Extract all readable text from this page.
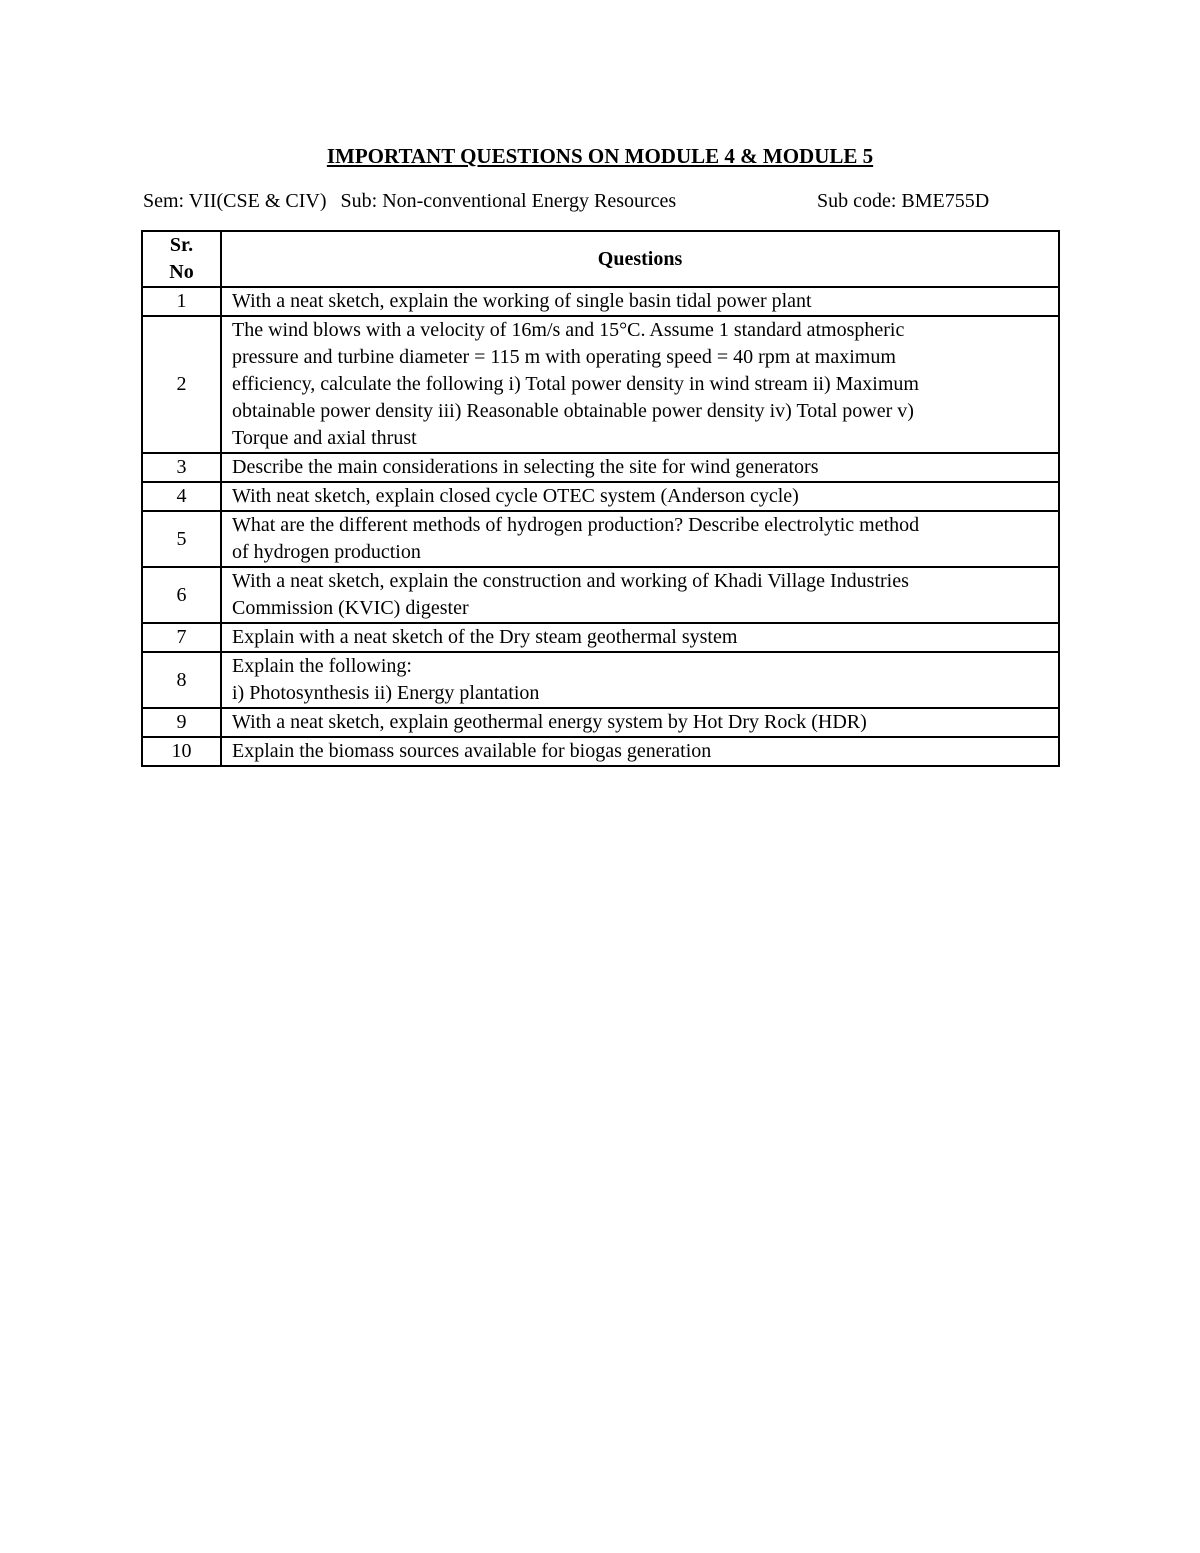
IMPORTANT QUESTIONS ON MODULE 4 & MODULE 5
Sem: VII(CSE & CIV) Sub: Non-conventional Energy Resources	Sub code: BME755D
Sr.
No	Questions
1	With a neat sketch, explain the working of single basin tidal power plant

2	The wind blows with a velocity of 16m/s and 15°C. Assume 1 standard atmospheric
pressure and turbine diameter = 115 m with operating speed = 40 rpm at maximum
efficiency, calculate the following i) Total power density in wind stream ii) Maximum
obtainable power density iii) Reasonable obtainable power density iv) Total power v)
Torque and axial thrust

3	Describe the main considerations in selecting the site for wind generators

4	With neat sketch, explain closed cycle OTEC system (Anderson cycle)

5	What are the different methods of hydrogen production? Describe electrolytic method
of hydrogen production

6	With a neat sketch, explain the construction and working of Khadi Village Industries
Commission (KVIC) digester

7	Explain with a neat sketch of the Dry steam geothermal system

8	Explain the following:
i) Photosynthesis ii) Energy plantation

9	With a neat sketch, explain geothermal energy system by Hot Dry Rock (HDR)

10	Explain the biomass sources available for biogas generation
